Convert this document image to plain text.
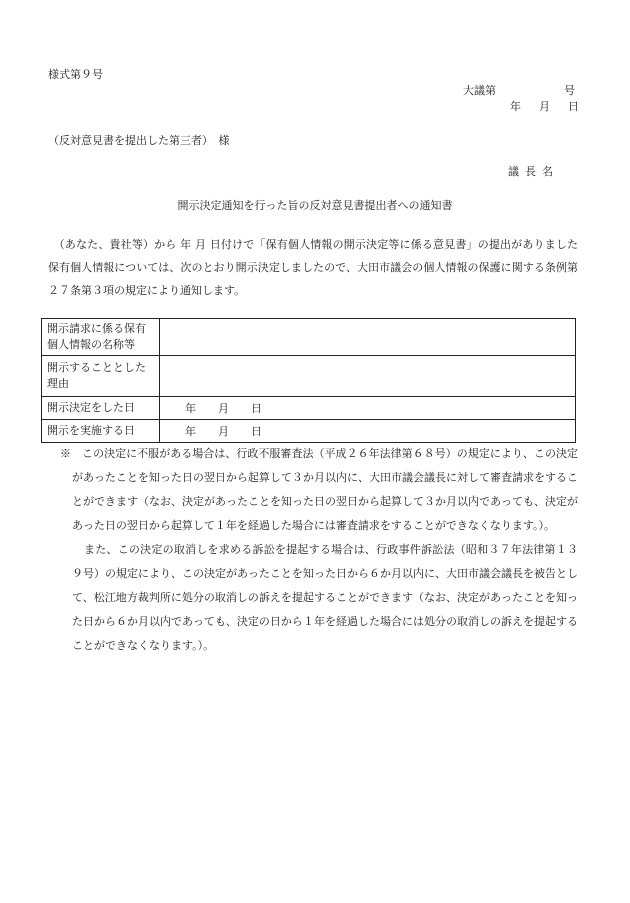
様式第９号
大議第	号
年 月 日
（反対意見書を提出した第三者）　様
議長名
開示決定通知を行った旨の反対意見書提出者への通知書
　（あなた、貴社等）から 年 月 日付けで「保有個人情報の開示決定等に係る意見書」の提出がありました保有個人情報については、次のとおり開示決定しましたので、大田市議会の個人情報の保護に関する条例第２７条第３項の規定により通知します。
開示請求に係る保有個人情報の名称等	
開示することとした理由	
開示決定をした日	年 月 日
開示を実施する日	年 月 日

※　この決定に不服がある場合は、行政不服審査法（平成２６年法律第６８号）の規定により、この決定があったことを知った日の翌日から起算して３か月以内に、大田市議会議長に対して審査請求をすることができます（なお、決定があったことを知った日の翌日から起算して３か月以内であっても、決定があった日の翌日から起算して１年を経過した場合には審査請求をすることができなくなります。）。

また、この決定の取消しを求める訴訟を提起する場合は、行政事件訴訟法（昭和３７年法律第１３９号）の規定により、この決定があったことを知った日から６か月以内に、大田市議会議長を被告として、松江地方裁判所に処分の取消しの訴えを提起することができます（なお、決定があったことを知った日から６か月以内であっても、決定の日から１年を経過した場合には処分の取消しの訴えを提起することができなくなります。）。
